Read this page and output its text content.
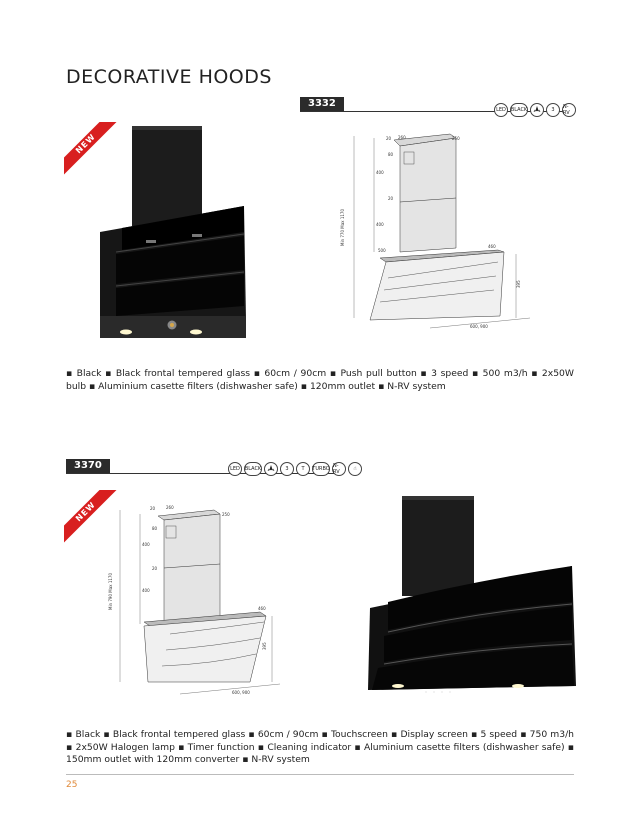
DECORATIVE HOODS
3332
LED BLACK	3	N-RV
NEW	20 260	250
80
400
20
400
Min 770 Max 1170
500
460
395
600, 900
▪ Black ▪ Black frontal tempered glass ▪ 60cm / 90cm ▪ Push pull button ▪ 3 speed ▪ 500 m3/h ▪ 2x50W bulb ▪ Aluminium casette filters (dishwasher safe) ▪ 120mm outlet ▪ N-RV system
3370	LED BLACK	3	T	TURBO N-RV	☝
NEW	20	260
250
80
400
20
400
Min 790 Max 1170	460
395
600, 900
▪ Black ▪ Black frontal tempered glass ▪ 60cm / 90cm ▪ Touchscreen ▪ Display screen ▪ 5 speed ▪ 750 m3/h ▪ 2x50W Halogen lamp ▪ Timer function ▪ Cleaning indicator ▪ Aluminium casette filters (dishwasher safe) ▪ 150mm outlet with 120mm converter ▪ N-RV system
25
